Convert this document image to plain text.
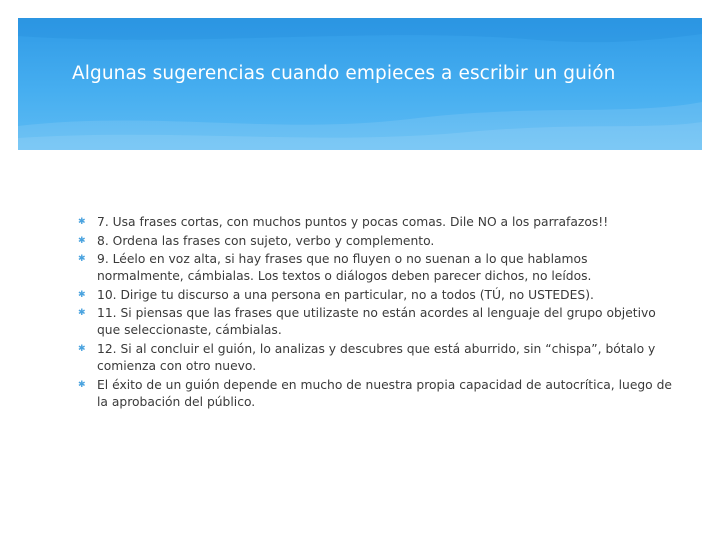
Algunas sugerencias cuando empieces a escribir un guión
✱ 7. Usa frases cortas, con muchos puntos y pocas comas. Dile NO a los parrafazos!!
✱ 8. Ordena las frases con sujeto, verbo y complemento.
✱ 9. Léelo en voz alta, si hay frases que no fluyen o no suenan a lo que hablamos normalmente, cámbialas. Los textos o diálogos deben parecer dichos, no leídos.
✱ 10. Dirige tu discurso a una persona en particular, no a todos (TÚ, no USTEDES).
✱ 11. Si piensas que las frases que utilizaste no están acordes al lenguaje del grupo objetivo que seleccionaste, cámbialas.
✱ 12. Si al concluir el guión, lo analizas y descubres que está aburrido, sin “chispa”, bótalo y comienza con otro nuevo.
✱ El éxito de un guión depende en mucho de nuestra propia capacidad de autocrítica, luego de la aprobación del público.
